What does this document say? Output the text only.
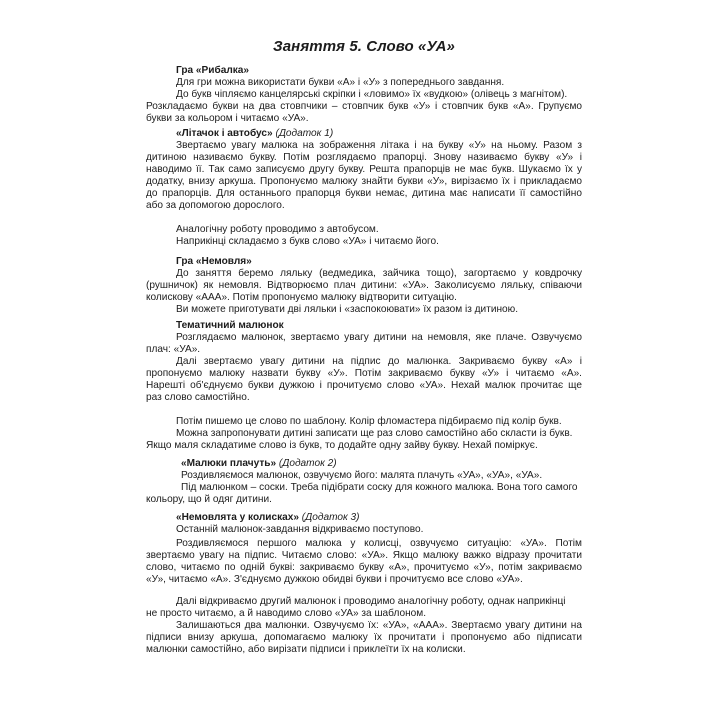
Заняття 5. Слово «УА»
Гра «Рибалка»
Для гри можна використати букви «А» і «У» з попереднього завдання.
До букв чіпляємо канцелярські скріпки і «ловимо» їх «вудкою» (олівець з магнітом).
Розкладаємо букви на два стовпчики – стовпчик букв «У» і стовпчик букв «А». Групуємо
букви за кольором і читаємо «УА».
«Літачок і автобус» (Додаток 1)
Звертаємо увагу малюка на зображення літака і на букву «У» на ньому. Разом з
дитиною називаємо букву. Потім розглядаємо прапорці. Знову називаємо букву «У» і
наводимо її. Так само записуємо другу букву. Решта прапорців не має букв. Шукаємо їх у
додатку, внизу аркуша. Пропонуємо малюку знайти букви «У», вирізаємо їх і прикладаємо
до прапорців. Для останнього прапорця букви немає, дитина має написати її самостійно
або за допомогою дорослого.
Аналогічну роботу проводимо з автобусом.
Наприкінці складаємо з букв слово «УА» і читаємо його.
Гра «Немовля»
До заняття беремо ляльку (ведмедика, зайчика тощо), загортаємо у ковдрочку
(рушничок) як немовля. Відтворюємо плач дитини: «УА». Заколисуємо ляльку, співаючи
колискову «ААА». Потім пропонуємо малюку відтворити ситуацію.
Ви можете приготувати дві ляльки і «заспокоювати» їх разом із дитиною.
Тематичний малюнок
Розглядаємо малюнок, звертаємо увагу дитини на немовля, яке плаче. Озвучуємо
плач: «УА».
Далі звертаємо увагу дитини на підпис до малюнка. Закриваємо букву «А» і
пропонуємо малюку назвати букву «У». Потім закриваємо букву «У» і читаємо «А».
Нарешті об'єднуємо букви дужкою і прочитуємо слово «УА». Нехай малюк прочитає ще
раз слово самостійно.
Потім пишемо це слово по шаблону. Колір фломастера підбираємо під колір букв.
Можна запропонувати дитині записати ще раз слово самостійно або скласти із букв.
Якщо маля складатиме слово із букв, то додайте одну зайву букву. Нехай поміркує.
«Малюки плачуть» (Додаток 2)
Роздивляємося малюнок, озвучуємо його: малята плачуть «УА», «УА», «УА».
Під малюнком – соски. Треба підібрати соску для кожного малюка. Вона того самого
кольору, що й одяг дитини.
«Немовлята у колисках» (Додаток 3)
Останній малюнок-завдання відкриваємо поступово.
Роздивляємося першого малюка у колисці, озвучуємо ситуацію: «УА». Потім
звертаємо увагу на підпис. Читаємо слово: «УА». Якщо малюку важко відразу прочитати
слово, читаємо по одній букві: закриваємо букву «А», прочитуємо «У», потім закриваємо
«У», читаємо «А». З'єднуємо дужкою обидві букви і прочитуємо все слово «УА».
Далі відкриваємо другий малюнок і проводимо аналогічну роботу, однак наприкінці
не просто читаємо, а й наводимо слово «УА» за шаблоном.
Залишаються два малюнки. Озвучуємо їх: «УА», «ААА». Звертаємо увагу дитини на
підписи внизу аркуша, допомагаємо малюку їх прочитати і пропонуємо або підписати
малюнки самостійно, або вирізати підписи і приклеїти їх на колиски.
